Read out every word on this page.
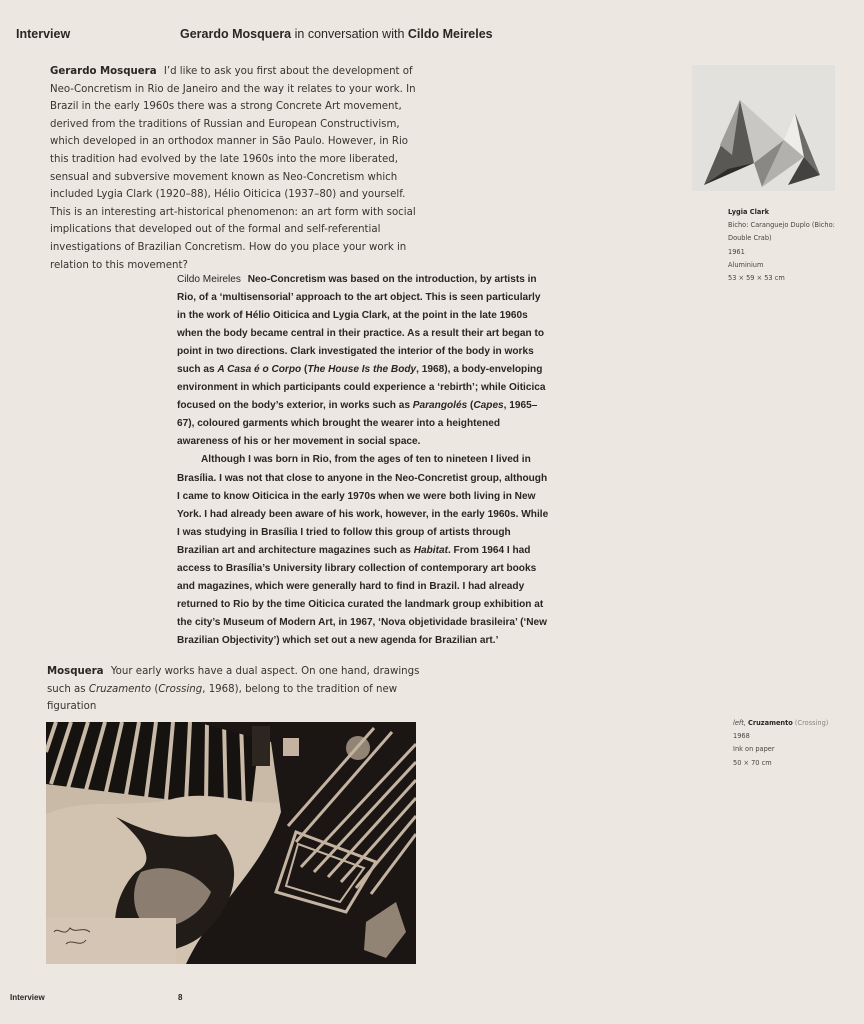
Interview	Gerardo Mosquera in conversation with Cildo Meireles
Gerardo Mosquera I’d like to ask you first about the development of Neo-Concretism in Rio de Janeiro and the way it relates to your work. In Brazil in the early 1960s there was a strong Concrete Art movement, derived from the traditions of Russian and European Constructivism, which developed in an orthodox manner in São Paulo. However, in Rio this tradition had evolved by the late 1960s into the more liberated, sensual and subversive movement known as Neo-Concretism which included Lygia Clark (1920–88), Hélio Oiticica (1937–80) and yourself. This is an interesting art-historical phenomenon: an art form with social implications that developed out of the formal and self-referential investigations of Brazilian Concretism. How do you place your work in relation to this movement?
Lygia Clark
Bicho: Caranguejo Duplo (Bicho: Double Crab)
1961
Aluminium
53 × 59 × 53 cm

Cildo Meireles Neo-Concretism was based on the introduction, by artists in Rio, of a ‘multisensorial’ approach to the art object. This is seen particularly in the work of Hélio Oiticica and Lygia Clark, at the point in the late 1960s when the body became central in their practice. As a result their art began to point in two directions. Clark investigated the interior of the body in works such as A Casa é o Corpo (The House Is the Body, 1968), a body-enveloping environment in which participants could experience a ‘rebirth’; while Oiticica focused on the body’s exterior, in works such as Parangolés (Capes, 1965–67), coloured garments which brought the wearer into a heightened awareness of his or her movement in social space.

Although I was born in Rio, from the ages of ten to nineteen I lived in Brasília. I was not that close to anyone in the Neo-Concretist group, although I came to know Oiticica in the early 1970s when we were both living in New York. I had already been aware of his work, however, in the early 1960s. While I was studying in Brasília I tried to follow this group of artists through Brazilian art and architecture magazines such as Habitat. From 1964 I had access to Brasília’s University library collection of contemporary art books and magazines, which were generally hard to find in Brazil. I had already returned to Rio by the time Oiticica curated the landmark group exhibition at the city’s Museum of Modern Art, in 1967, ‘Nova objetividade brasileira’ (‘New Brazilian Objectivity’) which set out a new agenda for Brazilian art.’

Mosquera Your early works have a dual aspect. On one hand, drawings such as Cruzamento (Crossing, 1968), belong to the tradition of new figuration
left, Cruzamento (Crossing)
1968
Ink on paper
50 × 70 cm
Interview	8
